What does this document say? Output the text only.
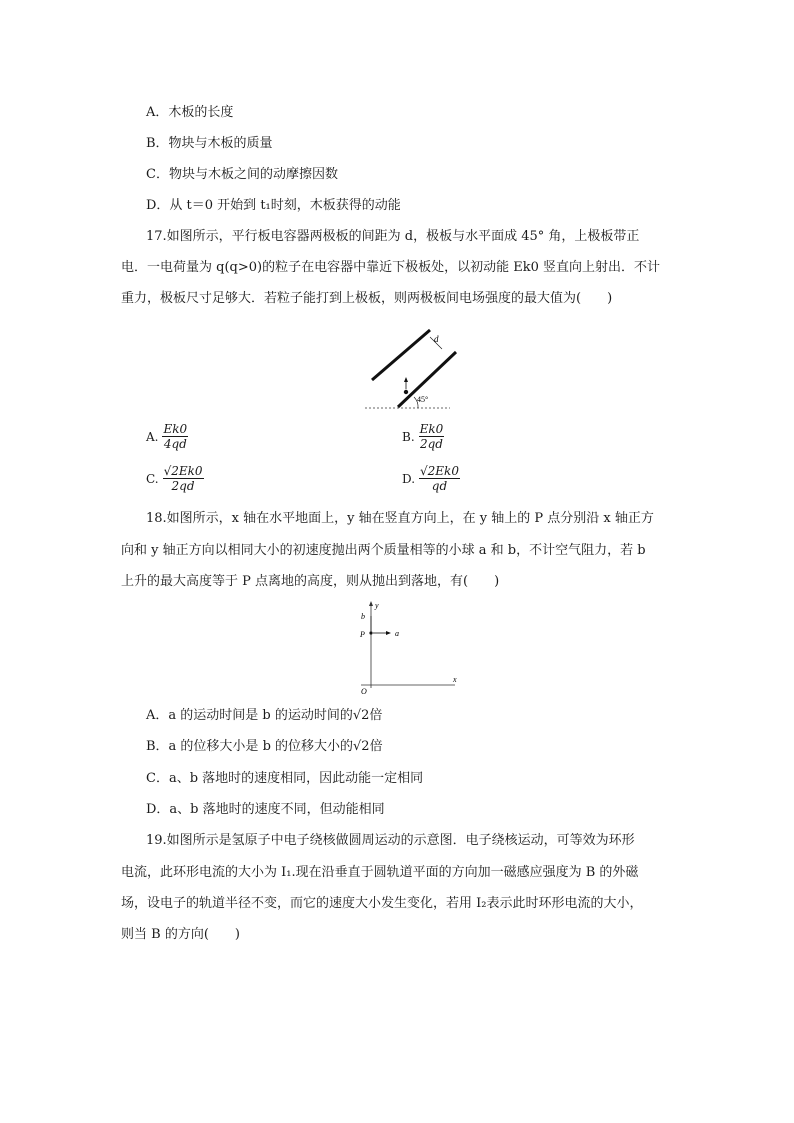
A．木板的长度
B．物块与木板的质量
C．物块与木板之间的动摩擦因数
D．从 t＝0 开始到 t₁时刻，木板获得的动能
17.如图所示，平行板电容器两极板的间距为 d，极板与水平面成 45° 角，上极板带正
电．一电荷量为 q(q>0)的粒子在电容器中靠近下极板处，以初动能 Ek0 竖直向上射出．不计
重力，极板尺寸足够大．若粒子能打到上极板，则两极板间电场强度的最大值为(　　)
d
45°
A. $\frac{Ek0}{4qd}$	B. $\frac{Ek0}{2qd}$
C. $\frac{√2Ek0}{2qd}$	D. $\frac{√2Ek0}{qd}$
18.如图所示，x 轴在水平地面上，y 轴在竖直方向上，在 y 轴上的 P 点分别沿 x 轴正方
向和 y 轴正方向以相同大小的初速度抛出两个质量相等的小球 a 和 b，不计空气阻力，若 b
上升的最大高度等于 P 点离地的高度，则从抛出到落地，有(　　)
y
b
P	a
O
x
A．a 的运动时间是 b 的运动时间的√2倍
B．a 的位移大小是 b 的位移大小的√2倍
C．a、b 落地时的速度相同，因此动能一定相同
D．a、b 落地时的速度不同，但动能相同
19.如图所示是氢原子中电子绕核做圆周运动的示意图．电子绕核运动，可等效为环形
电流，此环形电流的大小为 I₁.现在沿垂直于圆轨道平面的方向加一磁感应强度为 B 的外磁
场，设电子的轨道半径不变，而它的速度大小发生变化，若用 I₂表示此时环形电流的大小，
则当 B 的方向(　　)
